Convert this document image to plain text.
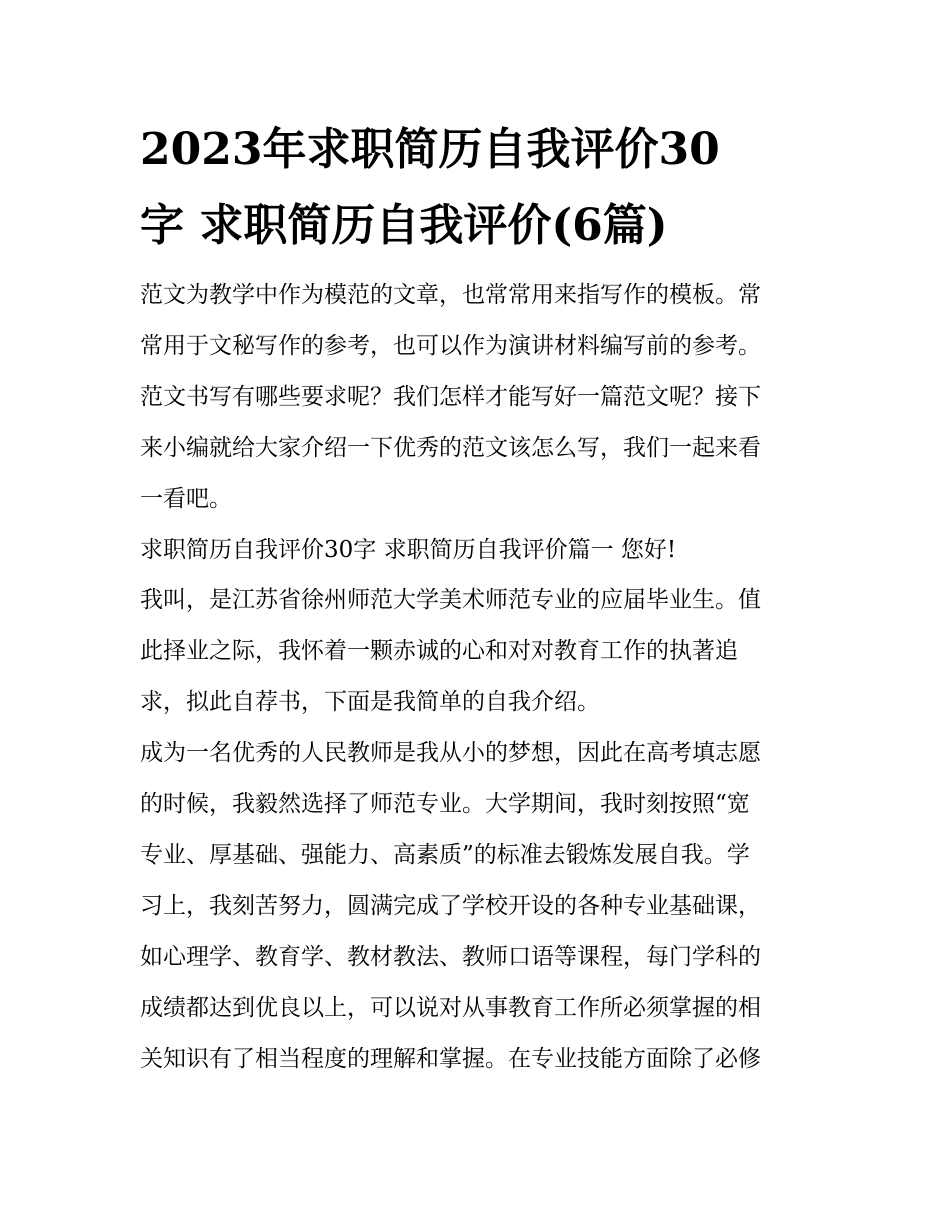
2023年求职简历自我评价30
字 求职简历自我评价(6篇)

范文为教学中作为模范的文章，也常常用来指写作的模板。常
常用于文秘写作的参考，也可以作为演讲材料编写前的参考。
范文书写有哪些要求呢？我们怎样才能写好一篇范文呢？接下
来小编就给大家介绍一下优秀的范文该怎么写，我们一起来看
一看吧。

求职简历自我评价30字 求职简历自我评价篇一 您好!

我叫，是江苏省徐州师范大学美术师范专业的应届毕业生。值
此择业之际，我怀着一颗赤诚的心和对对教育工作的执著追
求，拟此自荐书，下面是我简单的自我介绍。

成为一名优秀的人民教师是我从小的梦想，因此在高考填志愿
的时候，我毅然选择了师范专业。大学期间，我时刻按照“宽
专业、厚基础、强能力、高素质”的标准去锻炼发展自我。学
习上，我刻苦努力，圆满完成了学校开设的各种专业基础课，
如心理学、教育学、教材教法、教师口语等课程，每门学科的
成绩都达到优良以上，可以说对从事教育工作所必须掌握的相
关知识有了相当程度的理解和掌握。在专业技能方面除了必修
